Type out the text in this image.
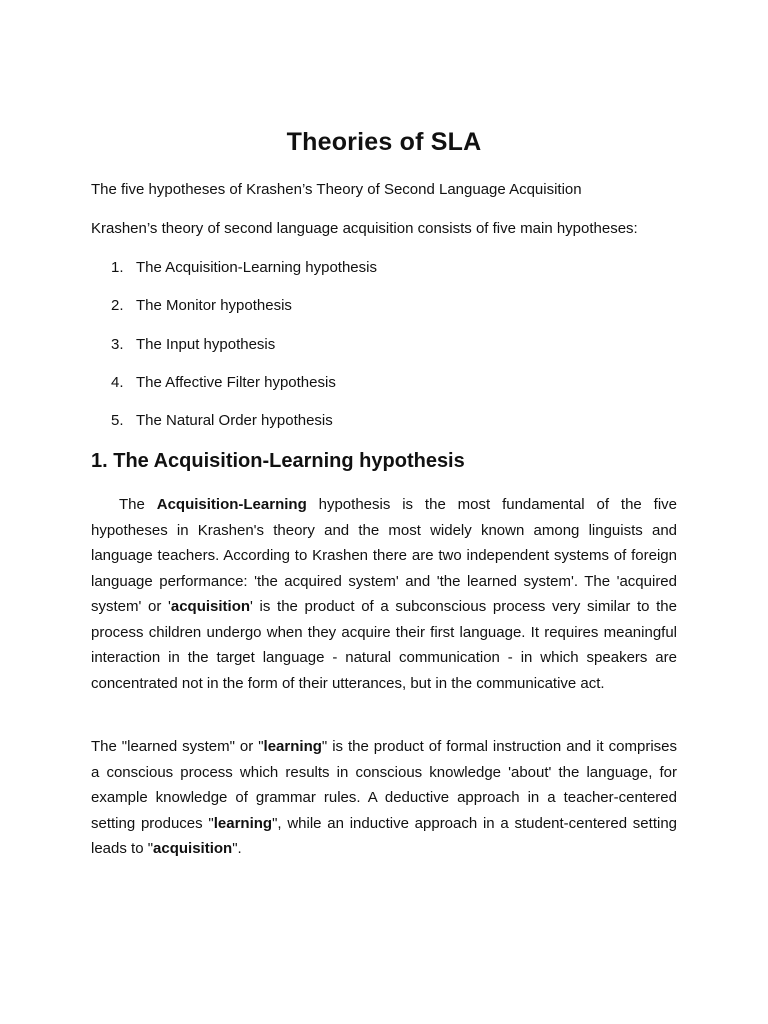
Theories of SLA
The five hypotheses of Krashen’s Theory of Second Language Acquisition
Krashen’s theory of second language acquisition consists of five main hypotheses:
1. The Acquisition-Learning hypothesis
2. The Monitor hypothesis
3. The Input hypothesis
4. The Affective Filter hypothesis
5. The Natural Order hypothesis
1. The Acquisition-Learning hypothesis

The Acquisition-Learning hypothesis is the most fundamental of the five hypotheses in Krashen's theory and the most widely known among linguists and language teachers. According to Krashen there are two independent systems of foreign language performance: 'the acquired system' and 'the learned system'. The 'acquired system' or 'acquisition' is the product of a subconscious process very similar to the process children undergo when they acquire their first language. It requires meaningful interaction in the target language - natural communication - in which speakers are concentrated not in the form of their utterances, but in the communicative act.

The "learned system" or "learning" is the product of formal instruction and it comprises a conscious process which results in conscious knowledge 'about' the language, for example knowledge of grammar rules. A deductive approach in a teacher-centered setting produces "learning", while an inductive approach in a student-centered setting leads to "acquisition".
